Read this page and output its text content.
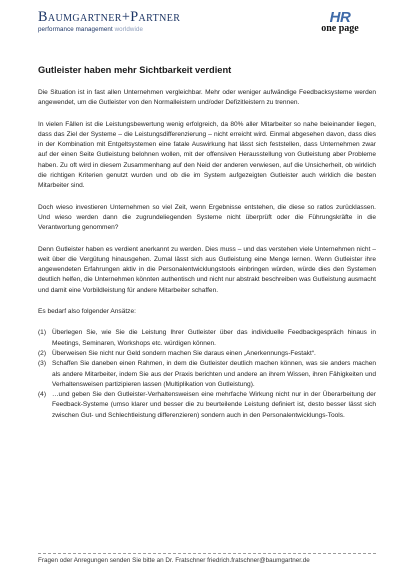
Baumgartner+Partner
performance management worldwide
HR
one page
Gutleister haben mehr Sichtbarkeit verdient

Die Situation ist in fast allen Unternehmen vergleichbar. Mehr oder weniger aufwändige Feedbacksysteme werden angewendet, um die Gutleister von den Normalleistern und/oder Defizitleistern zu trennen.

In vielen Fällen ist die Leistungsbewertung wenig erfolgreich, da 80% aller Mitarbeiter so nahe beieinander liegen, dass das Ziel der Systeme – die Leistungsdifferenzierung – nicht erreicht wird. Einmal abgesehen davon, dass dies in der Kombination mit Entgeltsystemen eine fatale Auswirkung hat lässt sich feststellen, dass Unternehmen zwar auf der einen Seite Gutleistung belohnen wollen, mit der offensiven Herausstellung von Gutleistung aber Probleme haben. Zu oft wird in diesem Zusammenhang auf den Neid der anderen verwiesen, auf die Unsicherheit, ob wirklich die richtigen Kriterien genutzt wurden und ob die im System aufgezeigten Gutleister auch wirklich die besten Mitarbeiter sind.

Doch wieso investieren Unternehmen so viel Zeit, wenn Ergebnisse entstehen, die diese so ratlos zurücklassen. Und wieso werden dann die zugrundeliegenden Systeme nicht überprüft oder die Führungskräfte in die Verantwortung genommen?

Denn Gutleister haben es verdient anerkannt zu werden. Dies muss – und das verstehen viele Unternehmen nicht – weit über die Vergütung hinausgehen. Zumal lässt sich aus Gutleistung eine Menge lernen. Wenn Gutleister ihre angewendeten Erfahrungen aktiv in die Personalentwicklungstools einbringen würden, würde dies den Systemen deutlich helfen, die Unternehmen könnten authentisch und nicht nur abstrakt beschreiben was Gutleistung ausmacht und damit eine Vorbildleistung für andere Mitarbeiter schaffen.

Es bedarf also folgender Ansätze:

(1) Überlegen Sie, wie Sie die Leistung Ihrer Gutleister über das individuelle Feedbackgespräch hinaus in Meetings, Seminaren, Workshops etc. würdigen können.
(2) Überweisen Sie nicht nur Geld sondern machen Sie daraus einen „Anerkennungs-Festakt“.
(3) Schaffen Sie daneben einen Rahmen, in dem die Gutleister deutlich machen können, was sie anders machen als andere Mitarbeiter, indem Sie aus der Praxis berichten und andere an ihrem Wissen, ihren Fähigkeiten und Verhaltensweisen partizipieren lassen (Multiplikation von Gutleistung).
(4) …und geben Sie den Gutleister-Verhaltensweisen eine mehrfache Wirkung nicht nur in der Überarbeitung der Feedback-Systeme (umso klarer und besser die zu beurteilende Leistung definiert ist, desto besser lässt sich zwischen Gut- und Schlechtleistung differenzieren) sondern auch in den Personalentwicklungs-Tools.
Fragen oder Anregungen senden Sie bitte an Dr. Fratschner friedrich.fratschner@baumgartner.de
